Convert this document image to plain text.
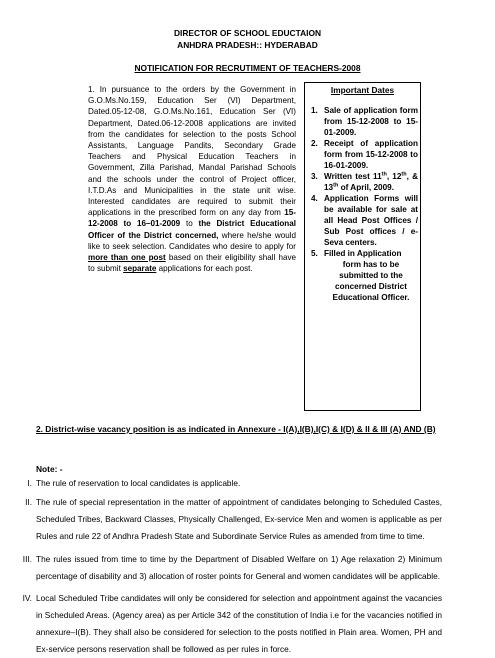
DIRECTOR OF SCHOOL EDUCTAION
ANHDRA PRADESH:: HYDERABAD
NOTIFICATION FOR RECRUTIMENT OF TEACHERS-2008
1. In pursuance to the orders by the Government in G.O.Ms.No.159, Education Ser (VI) Department, Dated.05-12-08, G.O.Ms.No.161, Education Ser (VI) Department, Dated.06-12-2008 applications are invited from the candidates for selection to the posts School Assistants, Language Pandits, Secondary Grade Teachers and Physical Education Teachers in Government, Zilla Parishad, Mandal Parishad Schools and the schools under the control of Project officer, I.T.D.As and Municipalities in the state unit wise. Interested candidates are required to submit their applications in the prescribed form on any day from 15-12-2008 to 16–01-2009 to the District Educational Officer of the District concerned, where he/she would like to seek selection. Candidates who desire to apply for more than one post based on their eligibility shall have to submit separate applications for each post.
Important Dates
1. Sale of application form from 15-12-2008 to 15-01-2009.
2. Receipt of application form from 15-12-2008 to 16-01-2009.
3. Written test 11th, 12th, & 13th of April, 2009.
4. Application Forms will be available for sale at all Head Post Offices / Sub Post offices / e-Seva centers.
5. Filled in Application

form has to be submitted to the concerned District Educational Officer.
2. District-wise vacancy position is as indicated in Annexure - I(A),I(B),I(C) & I(D) & II & III (A) AND (B)
Note: -
I. The rule of reservation to local candidates is applicable.
II. The rule of special representation in the matter of appointment of candidates belonging to Scheduled Castes, Scheduled Tribes, Backward Classes, Physically Challenged, Ex-service Men and women is applicable as per Rules and rule 22 of Andhra Pradesh State and Subordinate Service Rules as amended from time to time.
III. The rules issued from time to time by the Department of Disabled Welfare on 1) Age relaxation 2) Minimum percentage of disability and 3) allocation of roster points for General and women candidates will be applicable.
IV. Local Scheduled Tribe candidates will only be considered for selection and appointment against the vacancies in Scheduled Areas. (Agency area) as per Article 342 of the constitution of India i.e for the vacancies notified in annexure–I(B). They shall also be considered for selection to the posts notified in Plain area. Women, PH and Ex-service persons reservation shall be followed as per rules in force.
